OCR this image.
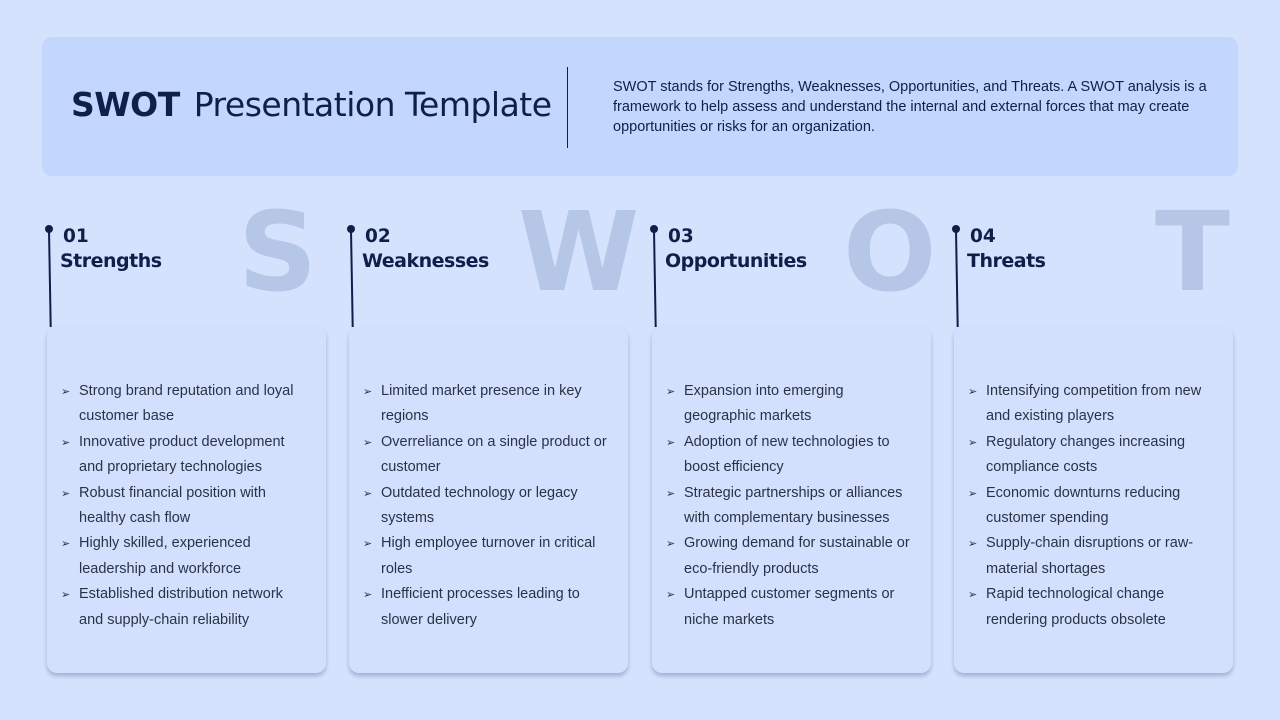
SWOT Presentation Template	SWOT stands for Strengths, Weaknesses, Opportunities, and Threats. A SWOT analysis is a framework to help assess and understand the internal and external forces that may create opportunities or risks for an organization.
S
01
Strengths
➢ Strong brand reputation and loyal customer base
➢ Innovative product development and proprietary technologies
➢ Robust financial position with healthy cash flow
➢ Highly skilled, experienced leadership and workforce
➢ Established distribution network and supply-chain reliability
W
02
Weaknesses
➢ Limited market presence in key regions
➢ Overreliance on a single product or customer
➢ Outdated technology or legacy systems
➢ High employee turnover in critical roles
➢ Inefficient processes leading to slower delivery
O
03
Opportunities
➢ Expansion into emerging geographic markets
➢ Adoption of new technologies to boost efficiency
➢ Strategic partnerships or alliances with complementary businesses
➢ Growing demand for sustainable or eco-friendly products
➢ Untapped customer segments or niche markets
T
04
Threats
➢ Intensifying competition from new and existing players
➢ Regulatory changes increasing compliance costs
➢ Economic downturns reducing customer spending
➢ Supply-chain disruptions or raw-material shortages
➢ Rapid technological change rendering products obsolete
